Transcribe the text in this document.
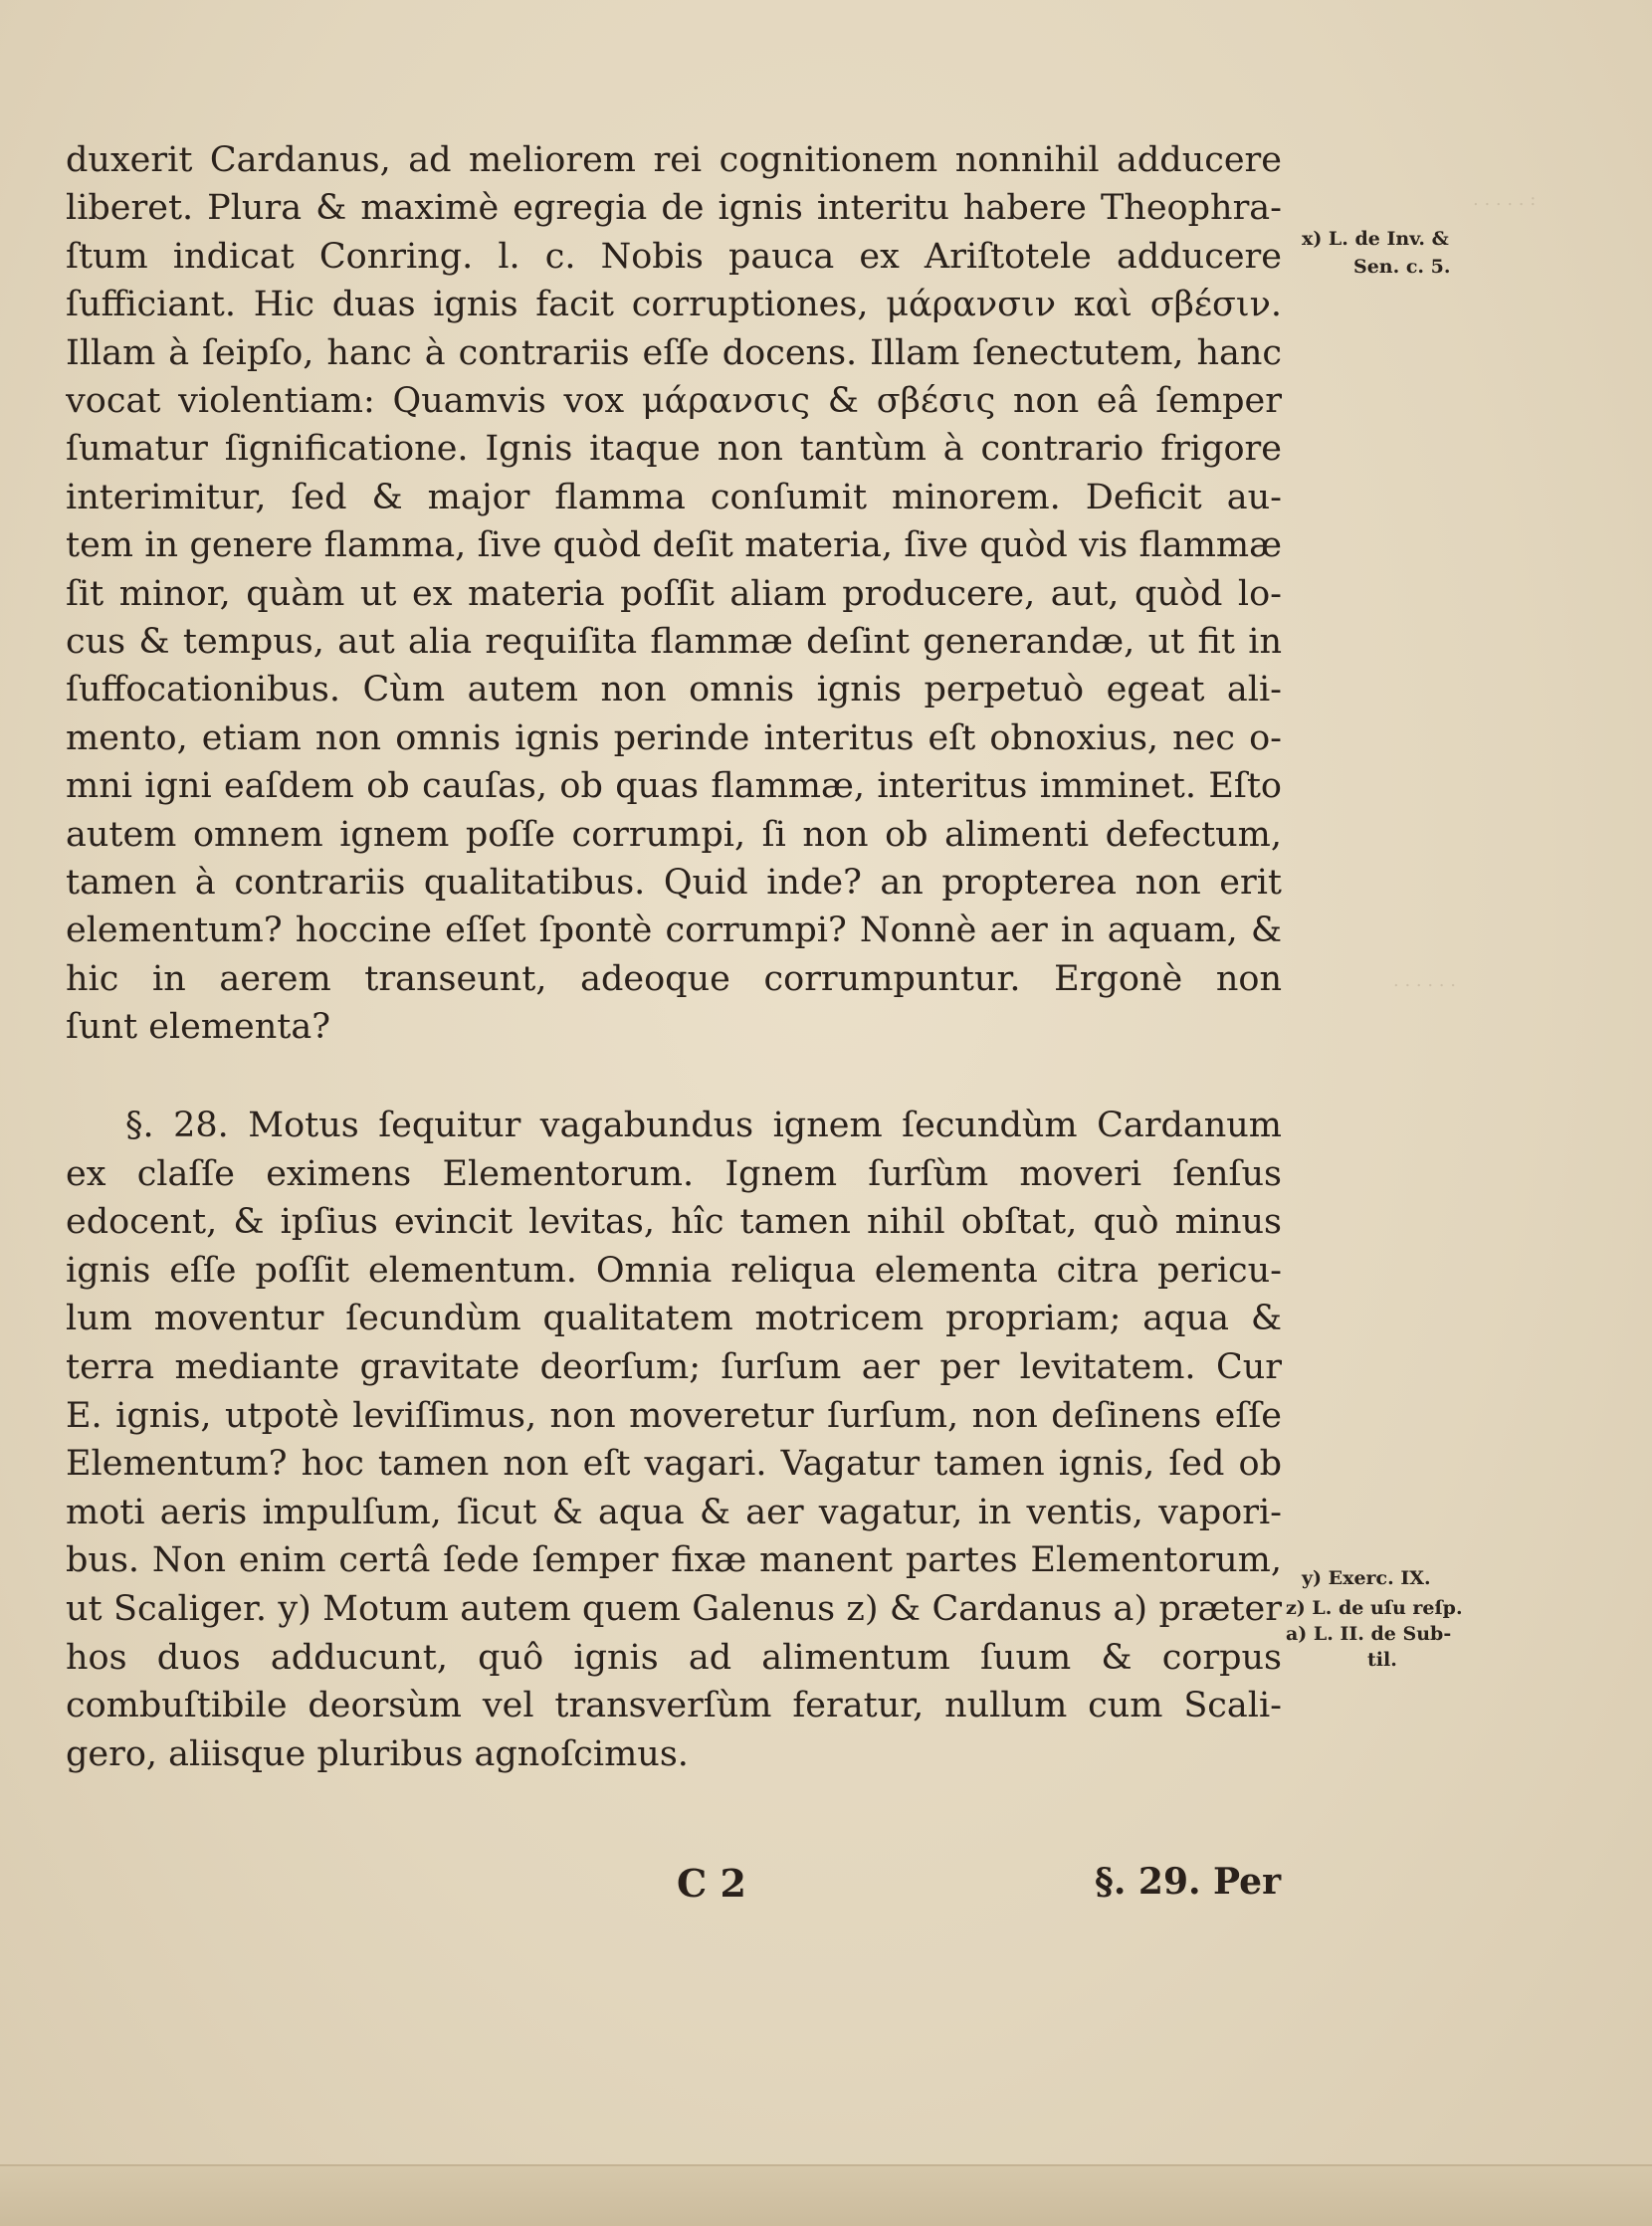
. . . . . :
. . . . . .
duxerit Cardanus, ad meliorem rei cognitionem nonnihil adducere
liberet. Plura & maximè egregia de ignis interitu habere Theophra-
ſtum indicat Conring. l. c. Nobis pauca ex Ariſtotele adducere
ſufficiant. Hic duas ignis facit corruptiones, μάρανσιν καὶ σβέσιν.
Illam à ſeipſo, hanc à contrariis eſſe docens. Illam ſenectutem, hanc
vocat violentiam: Quamvis vox μάρανσις & σβέσις non eâ ſemper
ſumatur ſignificatione. Ignis itaque non tantùm à contrario frigore
interimitur, ſed & major flamma conſumit minorem. Deficit au-
tem in genere flamma, ſive quòd deſit materia, ſive quòd vis flammæ
ſit minor, quàm ut ex materia poſſit aliam producere, aut, quòd lo-
cus & tempus, aut alia requiſita flammæ deſint generandæ, ut fit in
ſuffocationibus. Cùm autem non omnis ignis perpetuò egeat ali-
mento, etiam non omnis ignis perinde interitus eſt obnoxius, nec o-
mni igni eaſdem ob cauſas, ob quas flammæ, interitus imminet. Eſto
autem omnem ignem poſſe corrumpi, ſi non ob alimenti defectum,
tamen à contrariis qualitatibus. Quid inde? an propterea non erit
elementum? hoccine eſſet ſpontè corrumpi? Nonnè aer in aquam, &
hic in aerem transeunt, adeoque corrumpuntur. Ergonè non
ſunt elementa?
§. 28. Motus ſequitur vagabundus ignem ſecundùm Cardanum
ex claſſe eximens Elementorum. Ignem ſurſùm moveri ſenſus
edocent, & ipſius evincit levitas, hîc tamen nihil obſtat, quò minus
ignis eſſe poſſit elementum. Omnia reliqua elementa citra pericu-
lum moventur ſecundùm qualitatem motricem propriam; aqua &
terra mediante gravitate deorſum; ſurſum aer per levitatem. Cur
E. ignis, utpotè leviſſimus, non moveretur ſurſum, non deſinens eſſe
Elementum? hoc tamen non eſt vagari. Vagatur tamen ignis, ſed ob
moti aeris impulſum, ſicut & aqua & aer vagatur, in ventis, vapori-
bus. Non enim certâ ſede ſemper fixæ manent partes Elementorum,
ut Scaliger. y) Motum autem quem Galenus z) & Cardanus a) præter
hos duos adducunt, quô ignis ad alimentum ſuum & corpus
combuſtibile deorsùm vel transverſùm feratur, nullum cum Scali-
gero, aliisque pluribus agnoſcimus.
x) L. de Inv. &
Sen. c. 5.
y) Exerc. IX.
z) L. de uſu reſp.
a) L. II. de Sub-
til.
C 2	§. 29. Per
